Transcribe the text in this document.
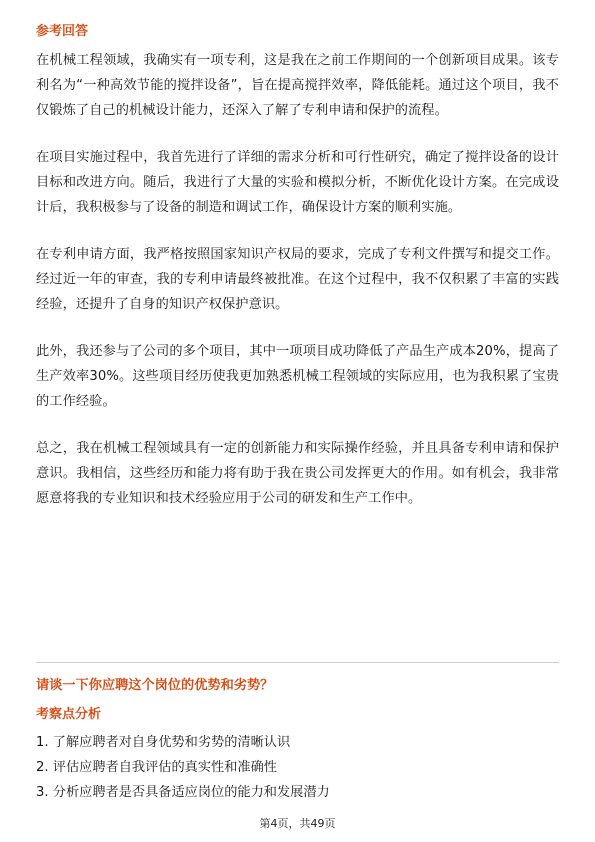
参考回答

在机械工程领域，我确实有一项专利，这是我在之前工作期间的一个创新项目成果。该专利名为“一种高效节能的搅拌设备”，旨在提高搅拌效率，降低能耗。通过这个项目，我不仅锻炼了自己的机械设计能力，还深入了解了专利申请和保护的流程。

在项目实施过程中，我首先进行了详细的需求分析和可行性研究，确定了搅拌设备的设计目标和改进方向。随后，我进行了大量的实验和模拟分析，不断优化设计方案。在完成设计后，我积极参与了设备的制造和调试工作，确保设计方案的顺利实施。

在专利申请方面，我严格按照国家知识产权局的要求，完成了专利文件撰写和提交工作。经过近一年的审查，我的专利申请最终被批准。在这个过程中，我不仅积累了丰富的实践经验，还提升了自身的知识产权保护意识。

此外，我还参与了公司的多个项目，其中一项项目成功降低了产品生产成本20%，提高了生产效率30%。这些项目经历使我更加熟悉机械工程领域的实际应用，也为我积累了宝贵的工作经验。

总之，我在机械工程领域具有一定的创新能力和实际操作经验，并且具备专利申请和保护意识。我相信，这些经历和能力将有助于我在贵公司发挥更大的作用。如有机会，我非常愿意将我的专业知识和技术经验应用于公司的研发和生产工作中。

请谈一下你应聘这个岗位的优势和劣势？
考察点分析
1. 了解应聘者对自身优势和劣势的清晰认识
2. 评估应聘者自我评估的真实性和准确性
3. 分析应聘者是否具备适应岗位的能力和发展潜力
第4页，共49页
